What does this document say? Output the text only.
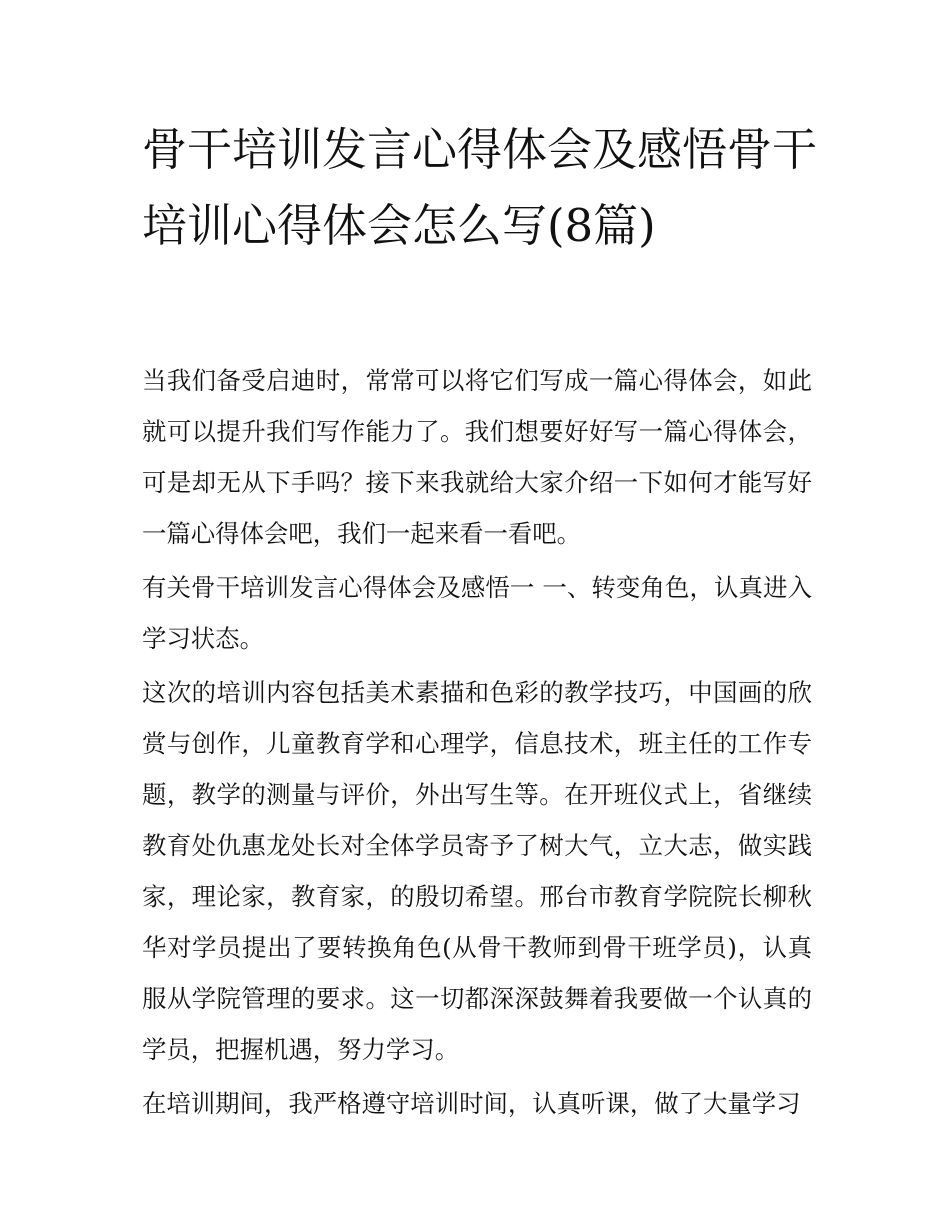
骨干培训发言心得体会及感悟骨干培训心得体会怎么写(8篇)

当我们备受启迪时，常常可以将它们写成一篇心得体会，如此就可以提升我们写作能力了。我们想要好好写一篇心得体会，可是却无从下手吗？接下来我就给大家介绍一下如何才能写好一篇心得体会吧，我们一起来看一看吧。

有关骨干培训发言心得体会及感悟一 一、转变角色，认真进入学习状态。

这次的培训内容包括美术素描和色彩的教学技巧，中国画的欣赏与创作，儿童教育学和心理学，信息技术，班主任的工作专题，教学的测量与评价，外出写生等。在开班仪式上，省继续教育处仇惠龙处长对全体学员寄予了树大气，立大志，做实践家，理论家，教育家，的殷切希望。邢台市教育学院院长柳秋华对学员提出了要转换角色(从骨干教师到骨干班学员)，认真服从学院管理的要求。这一切都深深鼓舞着我要做一个认真的学员，把握机遇，努力学习。

在培训期间，我严格遵守培训时间，认真听课，做了大量学习
